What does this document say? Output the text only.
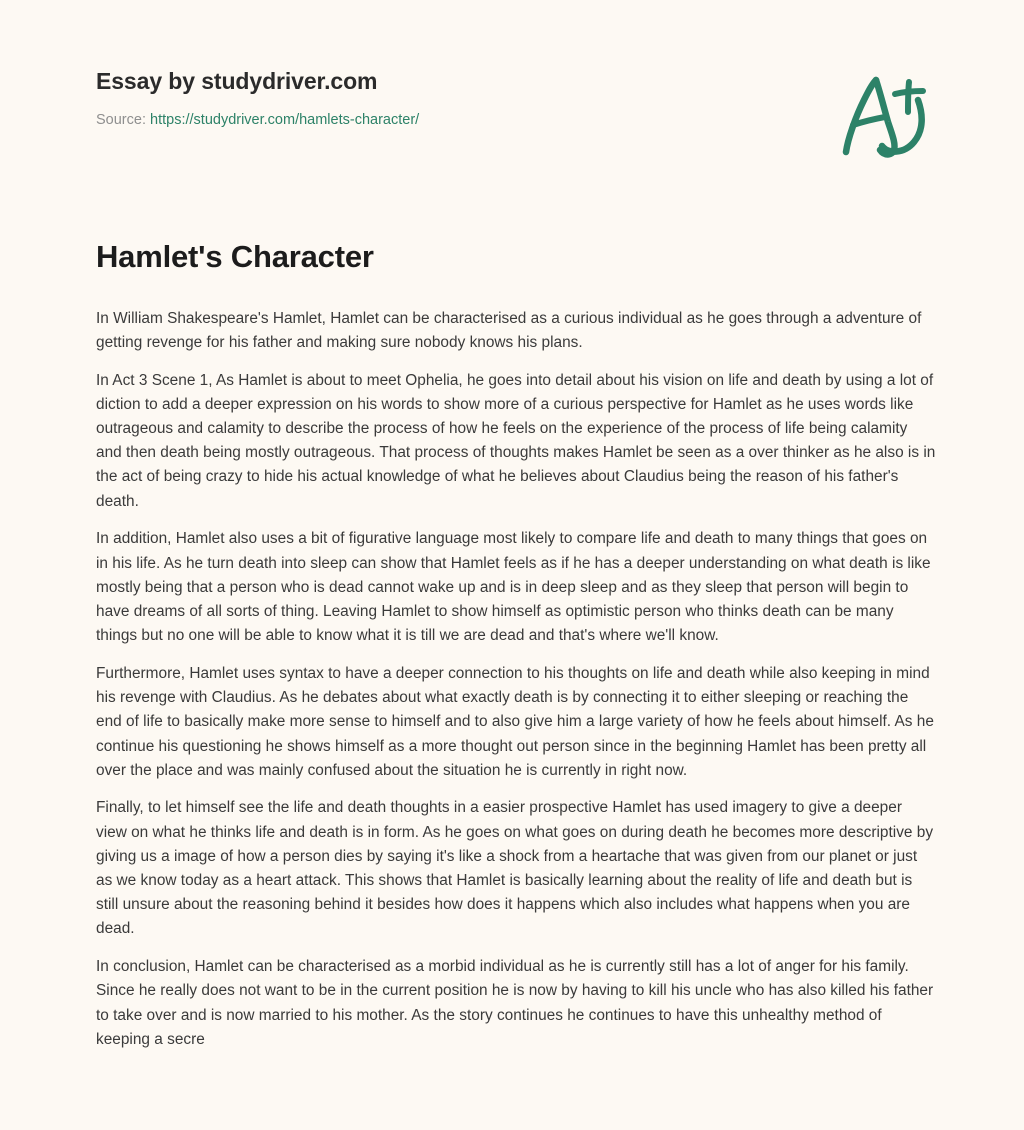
Essay by studydriver.com
Source: https://studydriver.com/hamlets-character/
Hamlet's Character

In William Shakespeare's Hamlet, Hamlet can be characterised as a curious individual as he goes through a adventure of getting revenge for his father and making sure nobody knows his plans.

In Act 3 Scene 1, As Hamlet is about to meet Ophelia, he goes into detail about his vision on life and death by using a lot of diction to add a deeper expression on his words to show more of a curious perspective for Hamlet as he uses words like outrageous and calamity to describe the process of how he feels on the experience of the process of life being calamity and then death being mostly outrageous. That process of thoughts makes Hamlet be seen as a over thinker as he also is in the act of being crazy to hide his actual knowledge of what he believes about Claudius being the reason of his father's death.

In addition, Hamlet also uses a bit of figurative language most likely to compare life and death to many things that goes on in his life. As he turn death into sleep can show that Hamlet feels as if he has a deeper understanding on what death is like mostly being that a person who is dead cannot wake up and is in deep sleep and as they sleep that person will begin to have dreams of all sorts of thing. Leaving Hamlet to show himself as optimistic person who thinks death can be many things but no one will be able to know what it is till we are dead and that's where we'll know.

Furthermore, Hamlet uses syntax to have a deeper connection to his thoughts on life and death while also keeping in mind his revenge with Claudius. As he debates about what exactly death is by connecting it to either sleeping or reaching the end of life to basically make more sense to himself and to also give him a large variety of how he feels about himself. As he continue his questioning he shows himself as a more thought out person since in the beginning Hamlet has been pretty all over the place and was mainly confused about the situation he is currently in right now.

Finally, to let himself see the life and death thoughts in a easier prospective Hamlet has used imagery to give a deeper view on what he thinks life and death is in form. As he goes on what goes on during death he becomes more descriptive by giving us a image of how a person dies by saying it's like a shock from a heartache that was given from our planet or just as we know today as a heart attack. This shows that Hamlet is basically learning about the reality of life and death but is still unsure about the reasoning behind it besides how does it happens which also includes what happens when you are dead.

In conclusion, Hamlet can be characterised as a morbid individual as he is currently still has a lot of anger for his family. Since he really does not want to be in the current position he is now by having to kill his uncle who has also killed his father to take over and is now married to his mother. As the story continues he continues to have this unhealthy method of keeping a secre
